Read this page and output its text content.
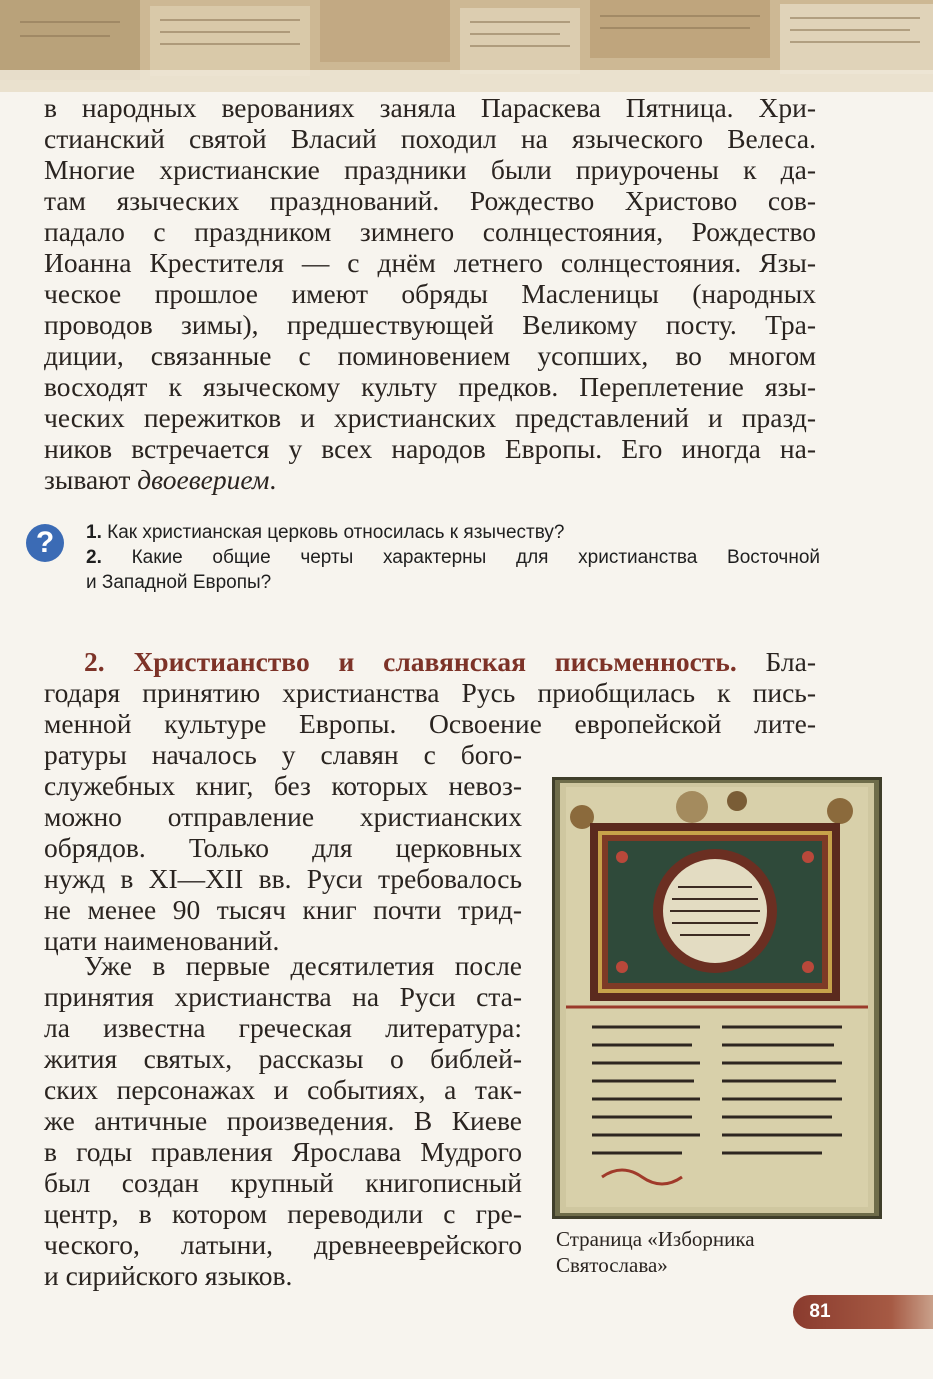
в народных верованиях заняла Параскева Пятница. Хри-
стианский святой Власий походил на языческого Велеса.
Многие христианские праздники были приурочены к да-
там языческих празднований. Рождество Христово сов-
падало с праздником зимнего солнцестояния, Рождество
Иоанна Крестителя — с днём летнего солнцестояния. Язы-
ческое прошлое имеют обряды Масленицы (народных
проводов зимы), предшествующей Великому посту. Тра-
диции, связанные с поминовением усопших, во многом
восходят к языческому культу предков. Переплетение язы-
ческих пережитков и христианских представлений и празд-
ников встречается у всех народов Европы. Его иногда на-
зывают двоеверием.
?	1. Как христианская церковь относилась к язычеству?
2. Какие общие черты характерны для христианства Восточной
и Западной Европы?
2. Христианство и славянская письменность. Бла-
годаря принятию христианства Русь приобщилась к пись-
менной культуре Европы. Освоение европейской лите-
ратуры началось у славян с бого-
служебных книг, без которых невоз-
можно отправление христианских
обрядов. Только для церковных
нужд в XI—XII вв. Руси требовалось
не менее 90 тысяч книг почти трид-
цати наименований.
Уже в первые десятилетия после
принятия христианства на Руси ста-
ла известна греческая литература:
жития святых, рассказы о библей-
ских персонажах и событиях, а так-
же античные произведения. В Киеве
в годы правления Ярослава Мудрого
был создан крупный книгописный
центр, в котором переводили с гре-
ческого, латыни, древнееврейского
и сирийского языков.
Страница «Изборника
Святослава»
81
